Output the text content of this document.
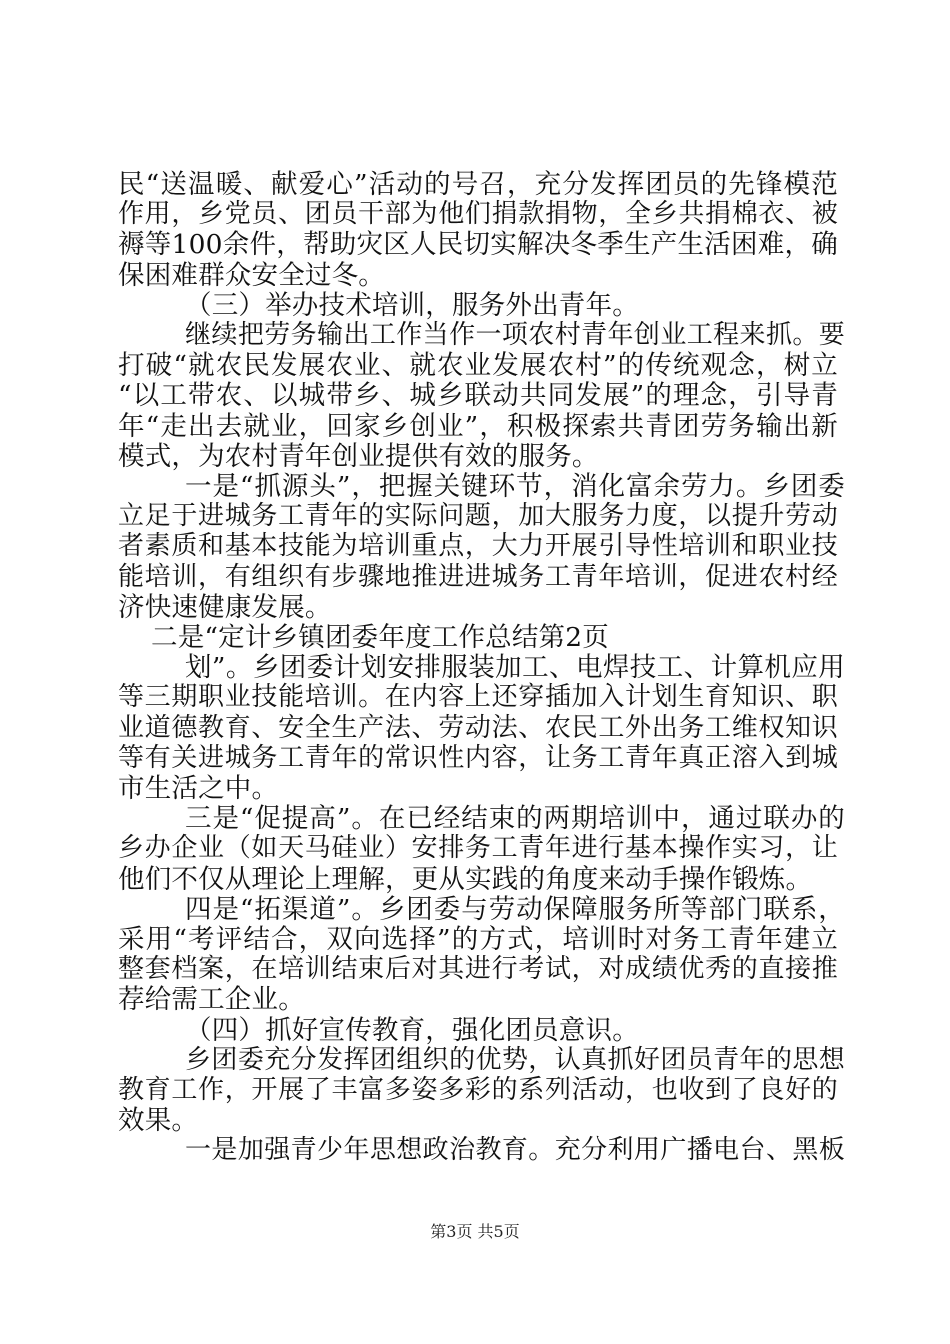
民“送温暖、献爱心”活动的号召，充分发挥团员的先锋模范
作用，乡党员、团员干部为他们捐款捐物，全乡共捐棉衣、被
褥等100余件，帮助灾区人民切实解决冬季生产生活困难，确
保困难群众安全过冬。
（三）举办技术培训，服务外出青年。
继续把劳务输出工作当作一项农村青年创业工程来抓。要
打破“就农民发展农业、就农业发展农村”的传统观念，树立
“以工带农、以城带乡、城乡联动共同发展”的理念，引导青
年“走出去就业，回家乡创业”，积极探索共青团劳务输出新
模式，为农村青年创业提供有效的服务。
一是“抓源头”，把握关键环节，消化富余劳力。乡团委
立足于进城务工青年的实际问题，加大服务力度，以提升劳动
者素质和基本技能为培训重点，大力开展引导性培训和职业技
能培训，有组织有步骤地推进进城务工青年培训，促进农村经
济快速健康发展。
二是“定计乡镇团委年度工作总结第2页
划”。乡团委计划安排服装加工、电焊技工、计算机应用
等三期职业技能培训。在内容上还穿插加入计划生育知识、职
业道德教育、安全生产法、劳动法、农民工外出务工维权知识
等有关进城务工青年的常识性内容，让务工青年真正溶入到城
市生活之中。
三是“促提高”。在已经结束的两期培训中，通过联办的
乡办企业（如天马硅业）安排务工青年进行基本操作实习，让
他们不仅从理论上理解，更从实践的角度来动手操作锻炼。
四是“拓渠道”。乡团委与劳动保障服务所等部门联系，
采用“考评结合，双向选择”的方式，培训时对务工青年建立
整套档案，在培训结束后对其进行考试，对成绩优秀的直接推
荐给需工企业。
（四）抓好宣传教育，强化团员意识。
乡团委充分发挥团组织的优势，认真抓好团员青年的思想
教育工作，开展了丰富多姿多彩的系列活动，也收到了良好的
效果。
一是加强青少年思想政治教育。充分利用广播电台、黑板
第3页 共5页
